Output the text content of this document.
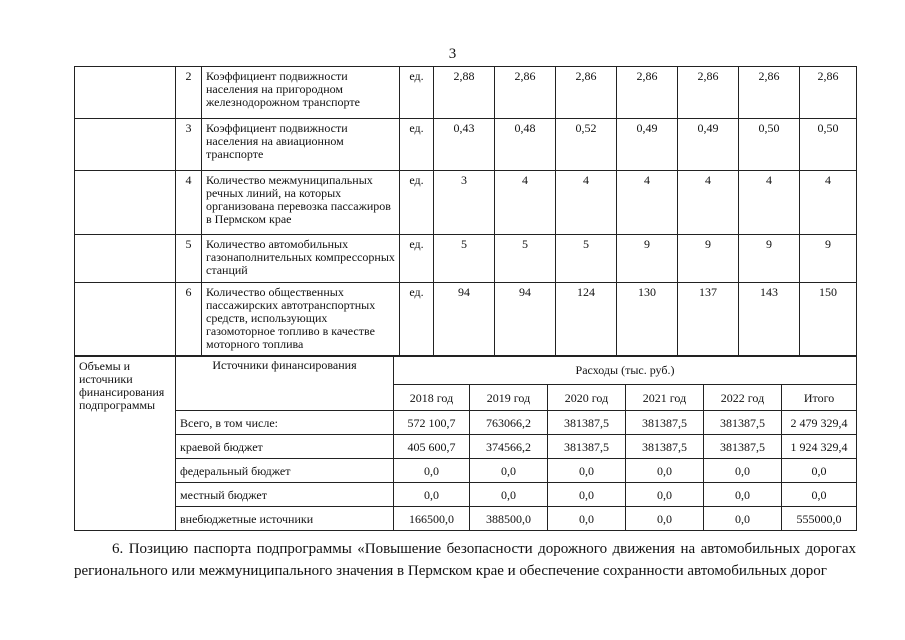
3
	2	Коэффициент подвижности населения на пригородном железнодорожном транспорте	ед.	2,88	2,86	2,86	2,86	2,86	2,86	2,86
	3	Коэффициент подвижности населения на авиационном транспорте	ед.	0,43	0,48	0,52	0,49	0,49	0,50	0,50
	4	Количество межмуниципальных речных линий, на которых организована перевозка пассажиров в Пермском крае	ед.	3	4	4	4	4	4	4
	5	Количество автомобильных газонаполнительных компрессорных станций	ед.	5	5	5	9	9	9	9
	6	Количество общественных пассажирских автотранспортных средств, использующих газомоторное топливо в качестве моторного топлива	ед.	94	94	124	130	137	143	150
Объемы и источники финансирования подпрограммы	Источники финансирования	Расходы (тыс. руб.)					
		2018 год	2019 год	2020 год	2021 год	2022 год	Итого
	Всего, в том числе:	572 100,7	763066,2	381387,5	381387,5	381387,5	2 479 329,4
	краевой бюджет	405 600,7	374566,2	381387,5	381387,5	381387,5	1 924 329,4
	федеральный бюджет	0,0	0,0	0,0	0,0	0,0	0,0
	местный бюджет	0,0	0,0	0,0	0,0	0,0	0,0
	внебюджетные источники	166500,0	388500,0	0,0	0,0	0,0	555000,0
6. Позицию паспорта подпрограммы «Повышение безопасности дорожного движения на автомобильных дорогах регионального или межмуниципального значения в Пермском крае и обеспечение сохранности автомобильных дорог
